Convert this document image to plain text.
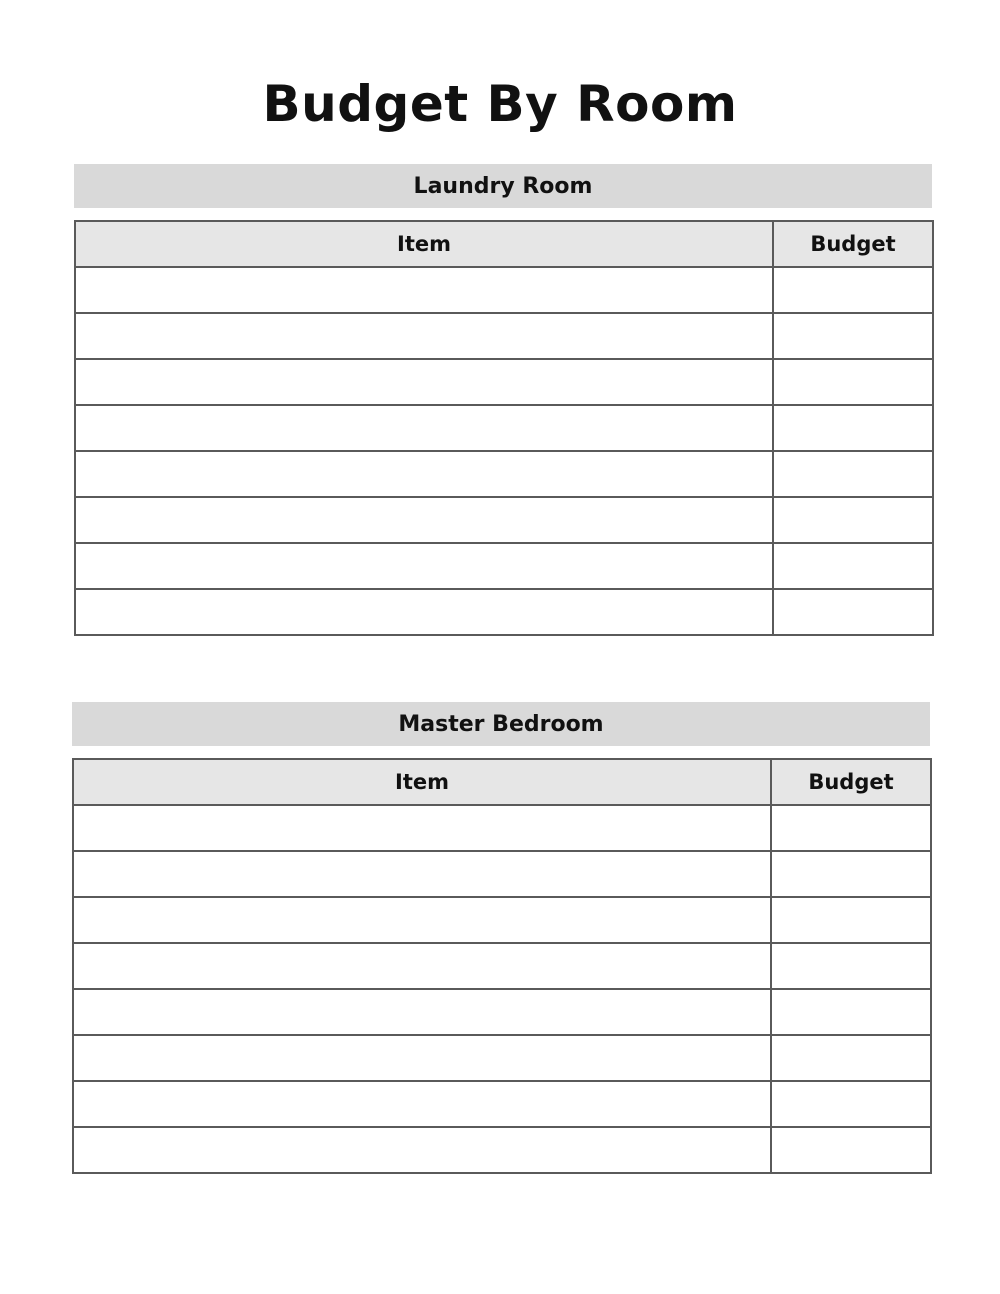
Budget By Room
Laundry Room
Item	Budget

Master Bedroom
Item	Budget
